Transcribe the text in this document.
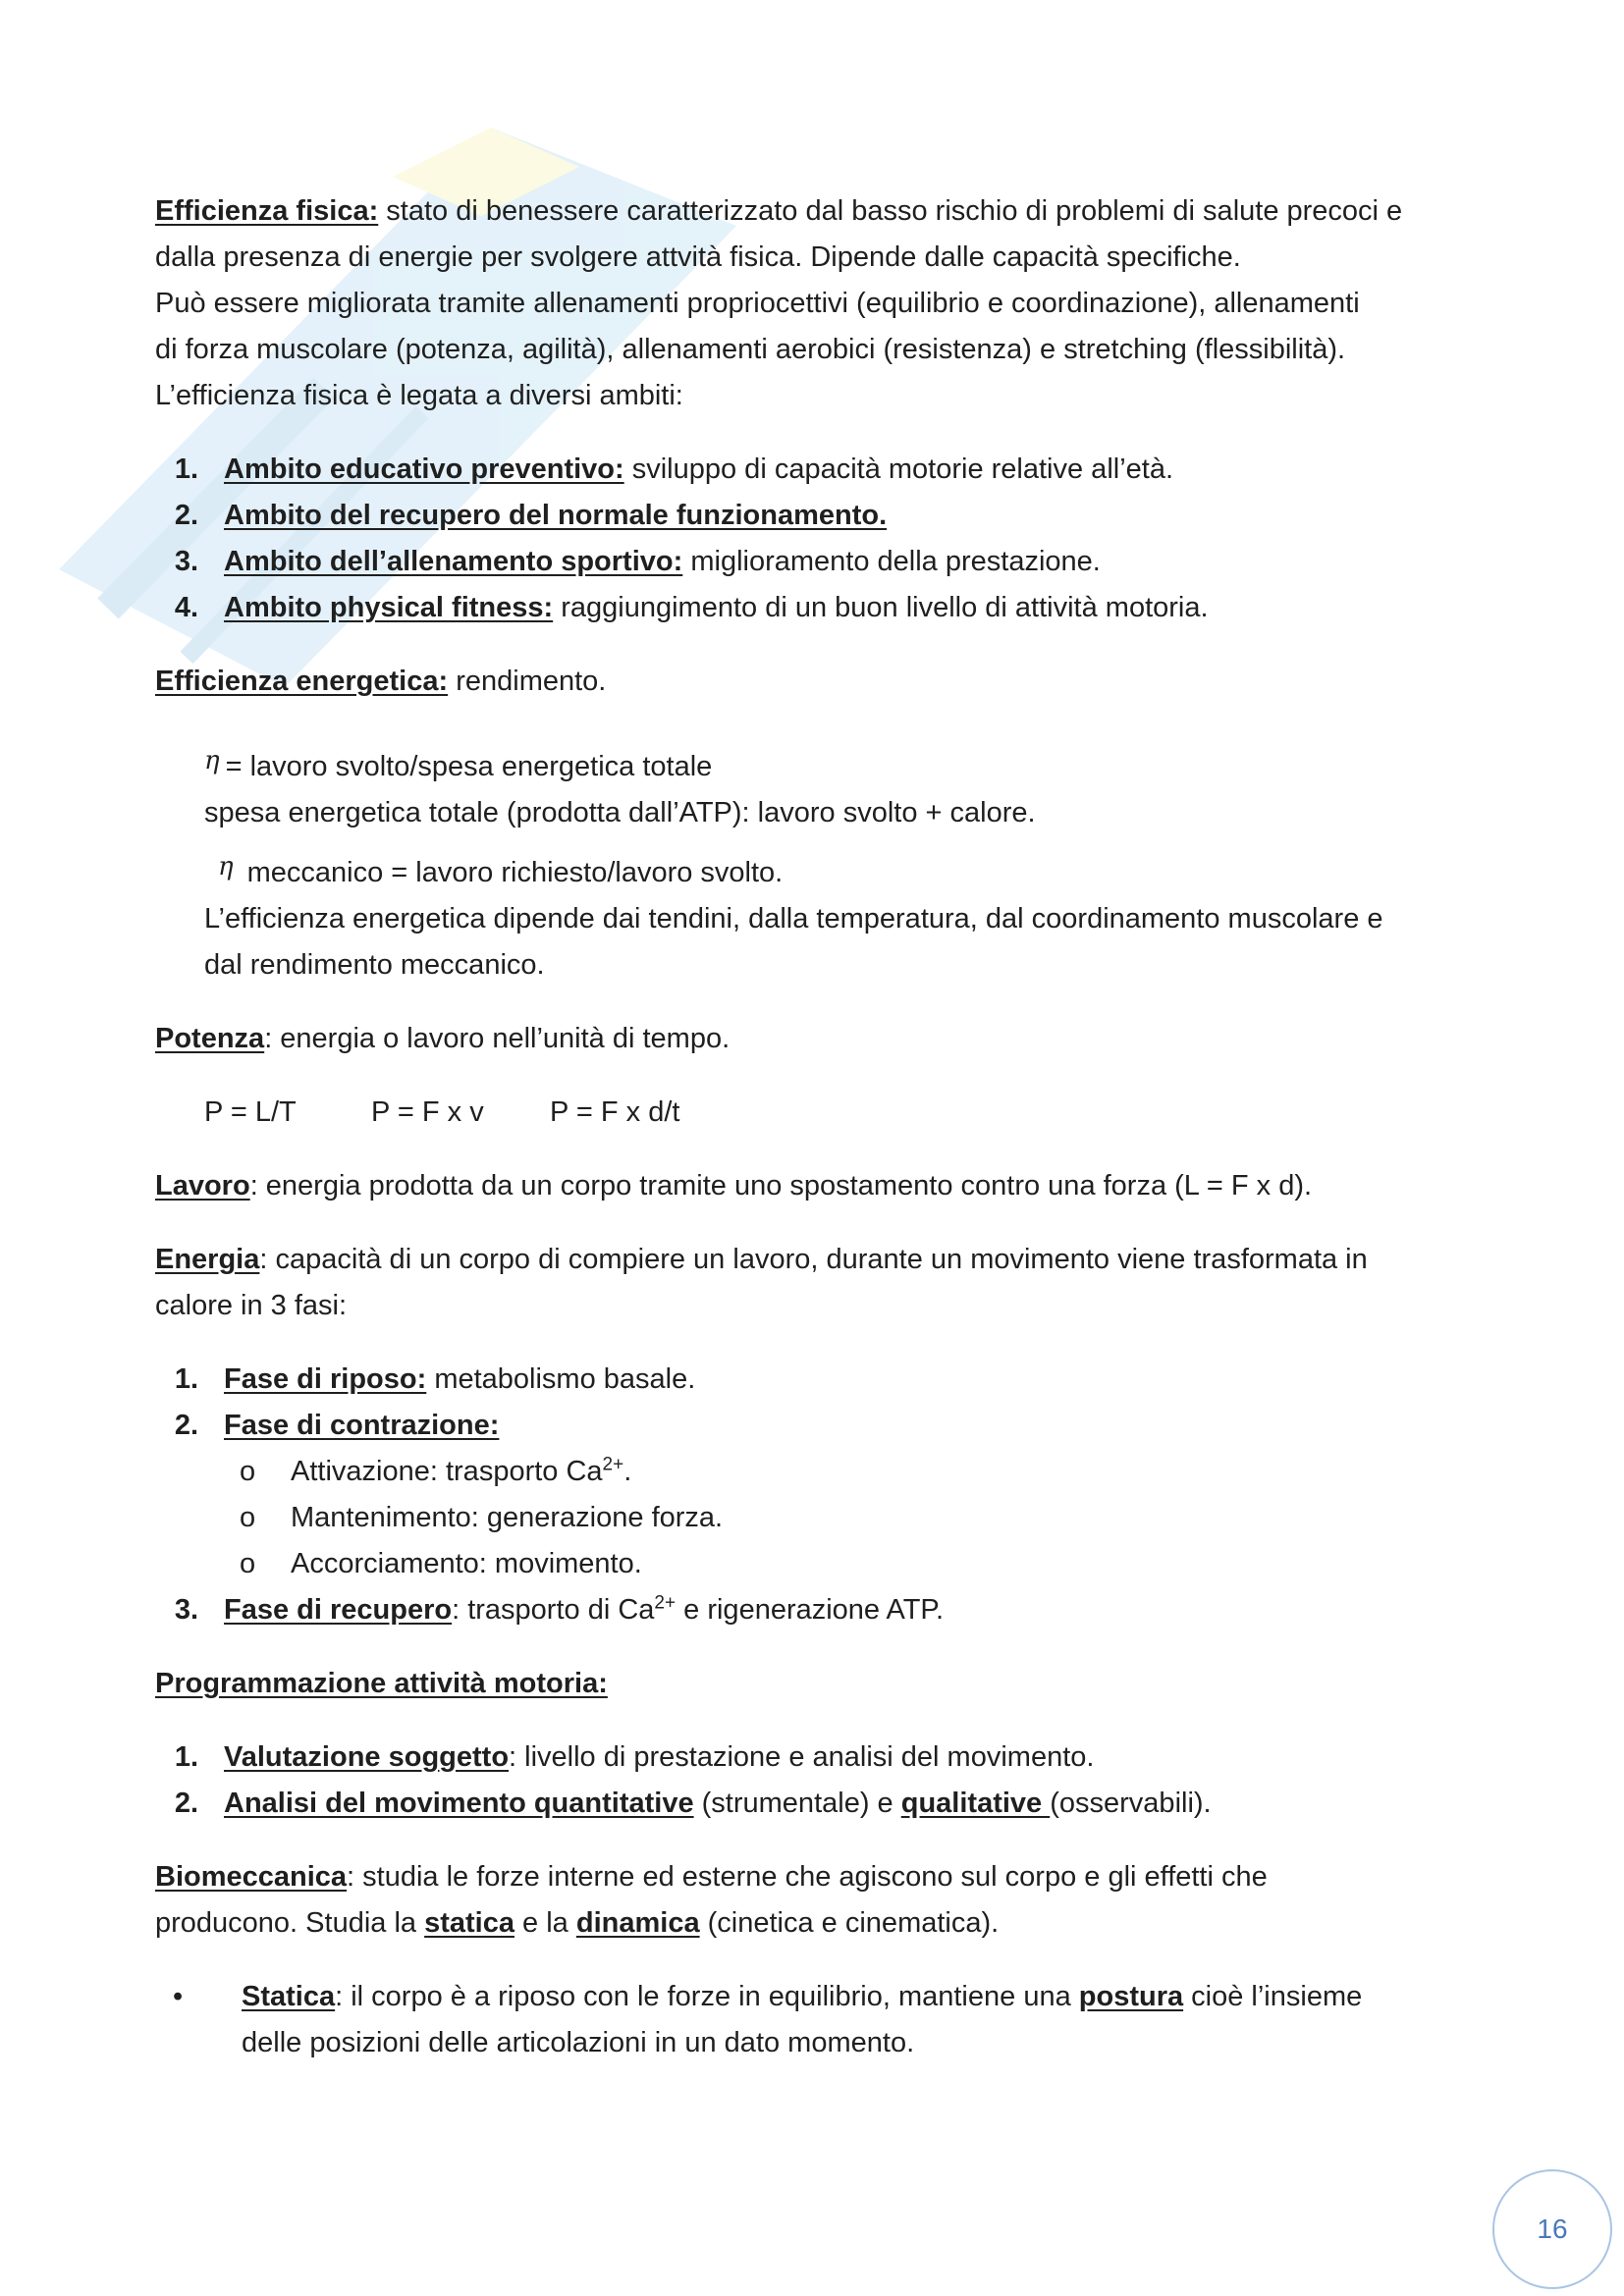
Efficienza fisica: stato di benessere caratterizzato dal basso rischio di problemi di salute precoci e

dalla presenza di energie per svolgere attvità fisica. Dipende dalle capacità specifiche.

Può essere migliorata tramite allenamenti propriocettivi (equilibrio e coordinazione), allenamenti

di forza muscolare (potenza, agilità), allenamenti aerobici (resistenza) e stretching (flessibilità).

L’efficienza fisica è legata a diversi ambiti:

1. Ambito educativo preventivo: sviluppo di capacità motorie relative all’età.
2. Ambito del recupero del normale funzionamento.
3. Ambito dell’allenamento sportivo: miglioramento della prestazione.
4. Ambito physical fitness: raggiungimento di un buon livello di attività motoria.

Efficienza energetica: rendimento.

η = lavoro svolto/spesa energetica totale

spesa energetica totale (prodotta dall’ATP): lavoro svolto + calore.

η meccanico = lavoro richiesto/lavoro svolto.

L’efficienza energetica dipende dai tendini, dalla temperatura, dal coordinamento muscolare e

dal rendimento meccanico.

Potenza: energia o lavoro nell’unità di tempo.

P = L/T	P = F x v P = F x d/t

Lavoro: energia prodotta da un corpo tramite uno spostamento contro una forza (L = F x d).

Energia: capacità di un corpo di compiere un lavoro, durante un movimento viene trasformata in

calore in 3 fasi:

1. Fase di riposo: metabolismo basale.
2. Fase di contrazione:
o	Attivazione: trasporto $Ca^{2+}$.
o	Mantenimento: generazione forza.
o	Accorciamento: movimento.
3. Fase di recupero: trasporto di $Ca^{2+}$ e rigenerazione ATP.

Programmazione attività motoria:

1. Valutazione soggetto: livello di prestazione e analisi del movimento.
2. Analisi del movimento quantitative (strumentale) e qualitative (osservabili).

Biomeccanica: studia le forze interne ed esterne che agiscono sul corpo e gli effetti che

producono. Studia la statica e la dinamica (cinetica e cinematica).

•	Statica: il corpo è a riposo con le forze in equilibrio, mantiene una postura cioè l’insieme
delle posizioni delle articolazioni in un dato momento.
16
